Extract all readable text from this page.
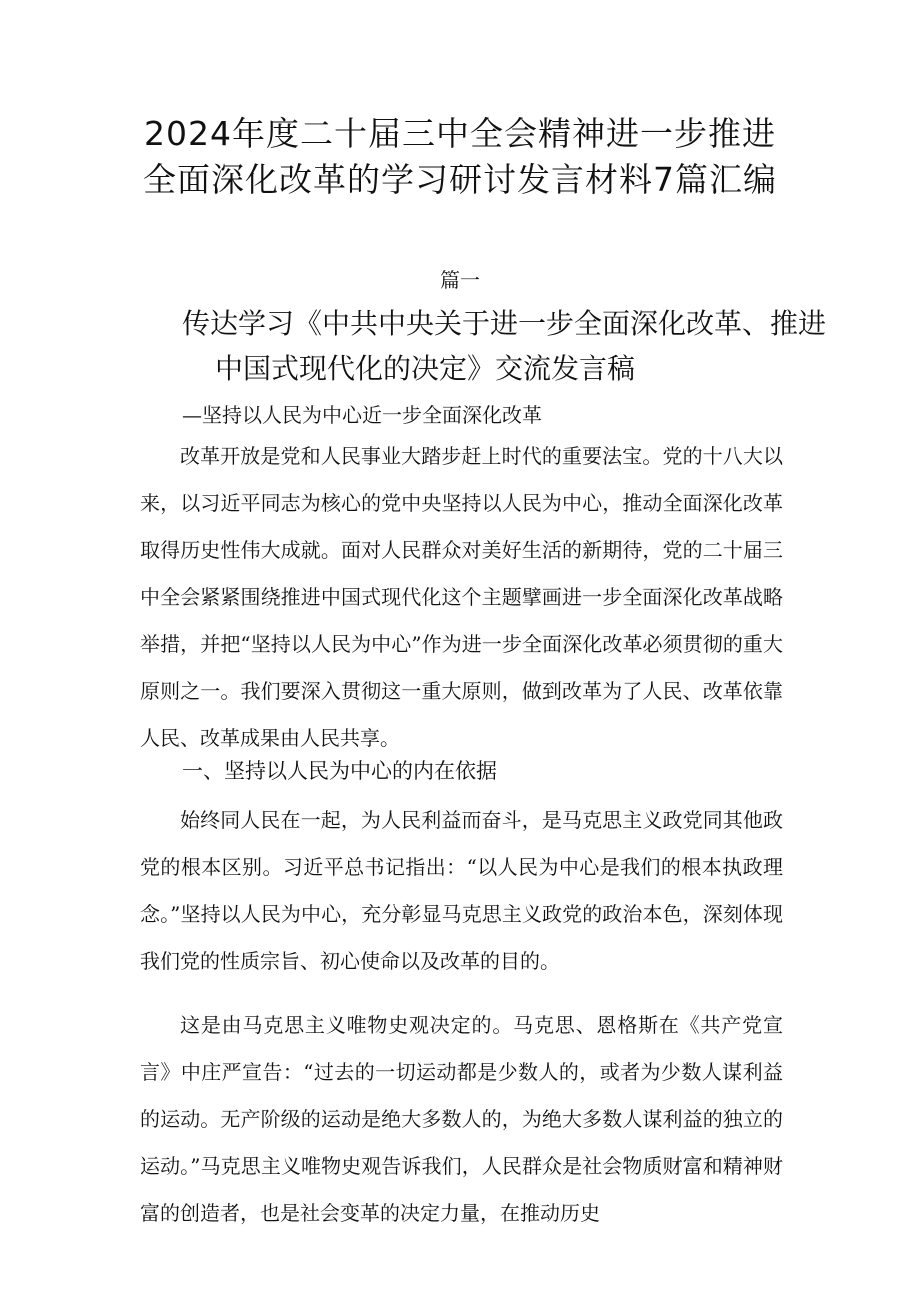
2024年度二十届三中全会精神进一步推进
全面深化改革的学习研讨发言材料7篇汇编
篇一
传达学习《中共中央关于进一步全面深化改革、推进
中国式现代化的决定》交流发言稿
—坚持以人民为中心近一步全面深化改革

改革开放是党和人民事业大踏步赶上时代的重要法宝。党的十八大以来，以习近平同志为核心的党中央坚持以人民为中心，推动全面深化改革取得历史性伟大成就。面对人民群众对美好生活的新期待，党的二十届三中全会紧紧围绕推进中国式现代化这个主题擘画进一步全面深化改革战略举措，并把“坚持以人民为中心”作为进一步全面深化改革必须贯彻的重大原则之一。我们要深入贯彻这一重大原则，做到改革为了人民、改革依靠人民、改革成果由人民共享。

一、坚持以人民为中心的内在依据

始终同人民在一起，为人民利益而奋斗，是马克思主义政党同其他政党的根本区别。习近平总书记指出：“以人民为中心是我们的根本执政理念。”坚持以人民为中心，充分彰显马克思主义政党的政治本色，深刻体现我们党的性质宗旨、初心使命以及改革的目的。

这是由马克思主义唯物史观决定的。马克思、恩格斯在《共产党宣言》中庄严宣告：“过去的一切运动都是少数人的，或者为少数人谋利益的运动。无产阶级的运动是绝大多数人的，为绝大多数人谋利益的独立的运动。”马克思主义唯物史观告诉我们，人民群众是社会物质财富和精神财富的创造者，也是社会变革的决定力量，在推动历史
